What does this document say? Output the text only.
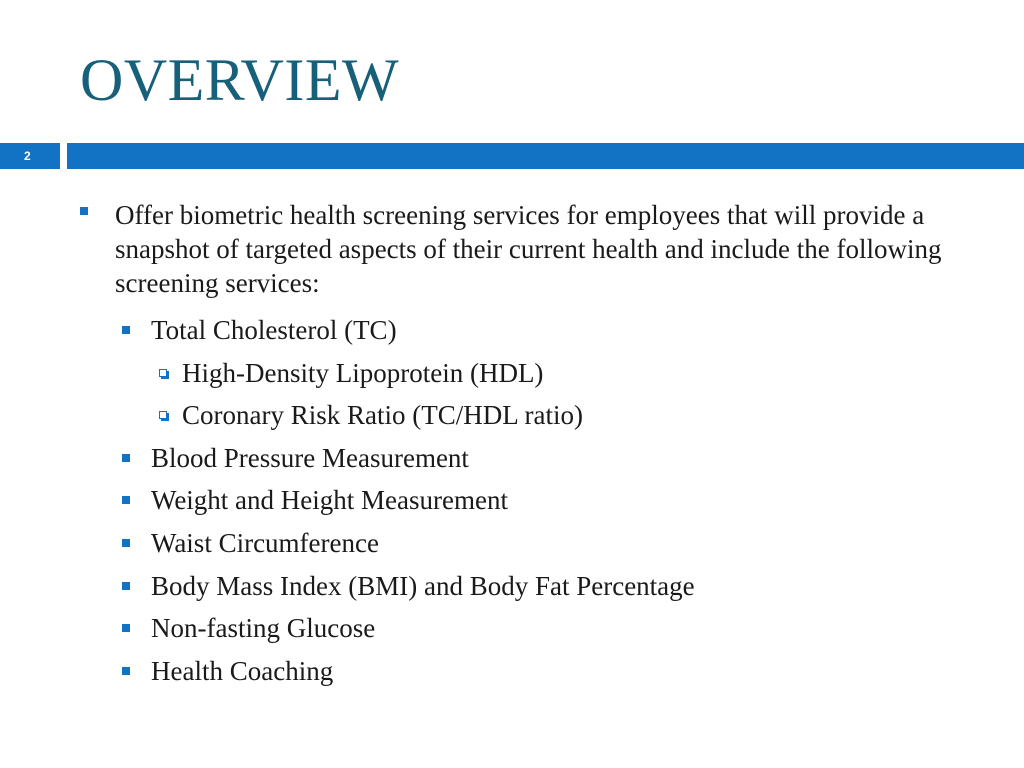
OVERVIEW
2
Offer biometric health screening services for employees that will provide a snapshot of targeted aspects of their current health and include the following screening services:
Total Cholesterol (TC)
High-Density Lipoprotein (HDL)
Coronary Risk Ratio (TC/HDL ratio)
Blood Pressure Measurement
Weight and Height Measurement
Waist Circumference
Body Mass Index (BMI) and Body Fat Percentage
Non-fasting Glucose
Health Coaching
